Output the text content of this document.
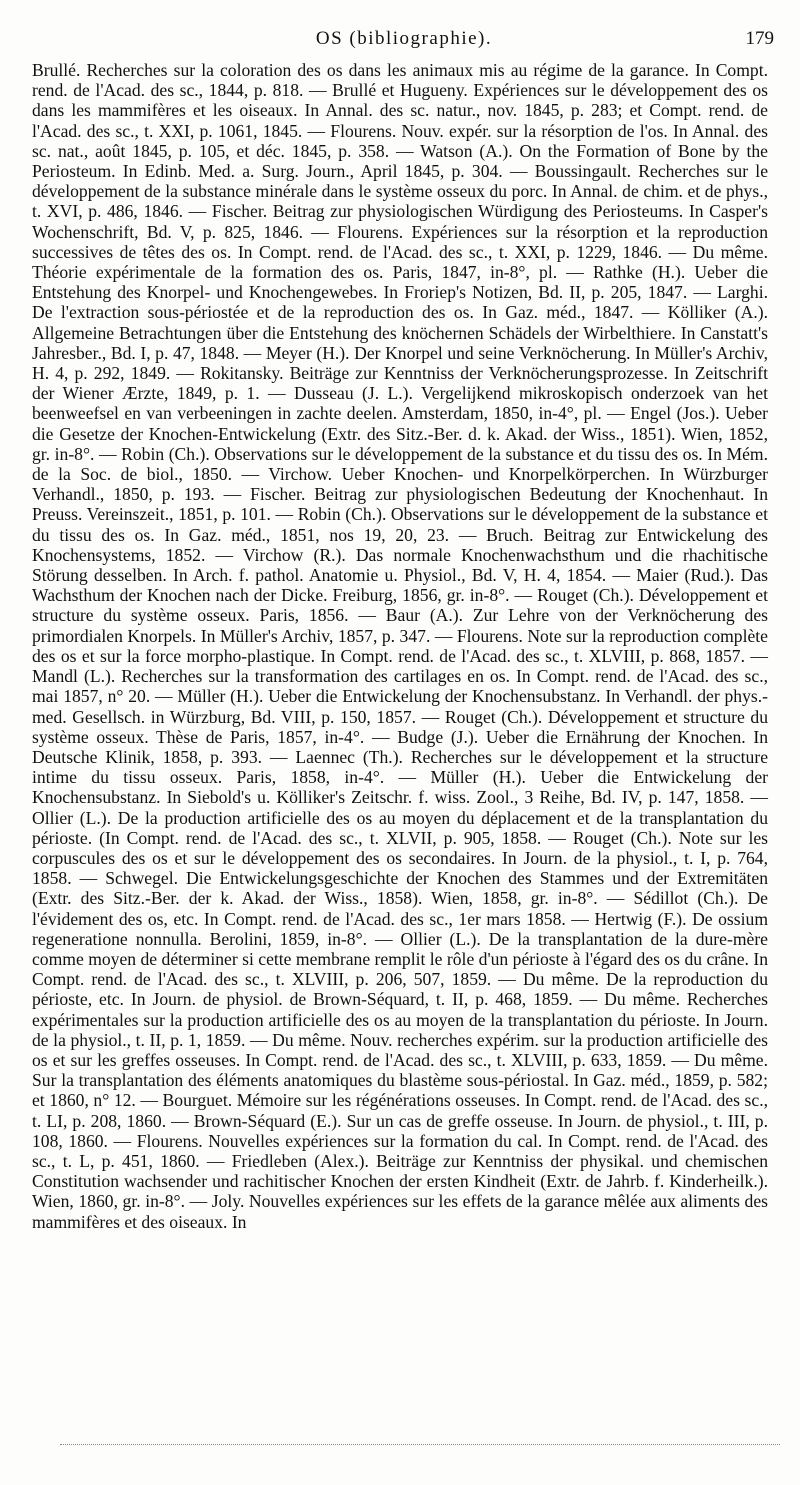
OS (bibliographie).	179

Brullé. Recherches sur la coloration des os dans les animaux mis au régime de la garance. In Compt. rend. de l'Acad. des sc., 1844, p. 818. — Brullé et Hugueny. Expériences sur le développement des os dans les mammifères et les oiseaux. In Annal. des sc. natur., nov. 1845, p. 283; et Compt. rend. de l'Acad. des sc., t. XXI, p. 1061, 1845. — Flourens. Nouv. expér. sur la résorption de l'os. In Annal. des sc. nat., août 1845, p. 105, et déc. 1845, p. 358. — Watson (A.). On the Formation of Bone by the Periosteum. In Edinb. Med. a. Surg. Journ., April 1845, p. 304. — Boussingault. Recherches sur le développement de la substance minérale dans le système osseux du porc. In Annal. de chim. et de phys., t. XVI, p. 486, 1846. — Fischer. Beitrag zur physiologischen Würdigung des Periosteums. In Casper's Wochenschrift, Bd. V, p. 825, 1846. — Flourens. Expériences sur la résorption et la reproduction successives de têtes des os. In Compt. rend. de l'Acad. des sc., t. XXI, p. 1229, 1846. — Du même. Théorie expérimentale de la formation des os. Paris, 1847, in-8°, pl. — Rathke (H.). Ueber die Entstehung des Knorpel- und Knochengewebes. In Froriep's Notizen, Bd. II, p. 205, 1847. — Larghi. De l'extraction sous-périostée et de la reproduction des os. In Gaz. méd., 1847. — Kölliker (A.). Allgemeine Betrachtungen über die Entstehung des knöchernen Schädels der Wirbelthiere. In Canstatt's Jahresber., Bd. I, p. 47, 1848. — Meyer (H.). Der Knorpel und seine Verknöcherung. In Müller's Archiv, H. 4, p. 292, 1849. — Rokitansky. Beiträge zur Kenntniss der Verknöcherungsprozesse. In Zeitschrift der Wiener Ærzte, 1849, p. 1. — Dusseau (J. L.). Vergelijkend mikroskopisch onderzoek van het beenweefsel en van verbeeningen in zachte deelen. Amsterdam, 1850, in-4°, pl. — Engel (Jos.). Ueber die Gesetze der Knochen-Entwickelung (Extr. des Sitz.-Ber. d. k. Akad. der Wiss., 1851). Wien, 1852, gr. in-8°. — Robin (Ch.). Observations sur le développement de la substance et du tissu des os. In Mém. de la Soc. de biol., 1850. — Virchow. Ueber Knochen- und Knorpelkörperchen. In Würzburger Verhandl., 1850, p. 193. — Fischer. Beitrag zur physiologischen Bedeutung der Knochenhaut. In Preuss. Vereinszeit., 1851, p. 101. — Robin (Ch.). Observations sur le développement de la substance et du tissu des os. In Gaz. méd., 1851, nos 19, 20, 23. — Bruch. Beitrag zur Entwickelung des Knochensystems, 1852. — Virchow (R.). Das normale Knochenwachsthum und die rhachitische Störung desselben. In Arch. f. pathol. Anatomie u. Physiol., Bd. V, H. 4, 1854. — Maier (Rud.). Das Wachsthum der Knochen nach der Dicke. Freiburg, 1856, gr. in-8°. — Rouget (Ch.). Développement et structure du système osseux. Paris, 1856. — Baur (A.). Zur Lehre von der Verknöcherung des primordialen Knorpels. In Müller's Archiv, 1857, p. 347. — Flourens. Note sur la reproduction complète des os et sur la force morpho-plastique. In Compt. rend. de l'Acad. des sc., t. XLVIII, p. 868, 1857. — Mandl (L.). Recherches sur la transformation des cartilages en os. In Compt. rend. de l'Acad. des sc., mai 1857, n° 20. — Müller (H.). Ueber die Entwickelung der Knochensubstanz. In Verhandl. der phys.-med. Gesellsch. in Würzburg, Bd. VIII, p. 150, 1857. — Rouget (Ch.). Développement et structure du système osseux. Thèse de Paris, 1857, in-4°. — Budge (J.). Ueber die Ernährung der Knochen. In Deutsche Klinik, 1858, p. 393. — Laennec (Th.). Recherches sur le développement et la structure intime du tissu osseux. Paris, 1858, in-4°. — Müller (H.). Ueber die Entwickelung der Knochensubstanz. In Siebold's u. Kölliker's Zeitschr. f. wiss. Zool., 3 Reihe, Bd. IV, p. 147, 1858. — Ollier (L.). De la production artificielle des os au moyen du déplacement et de la transplantation du périoste. (In Compt. rend. de l'Acad. des sc., t. XLVII, p. 905, 1858. — Rouget (Ch.). Note sur les corpuscules des os et sur le développement des os secondaires. In Journ. de la physiol., t. I, p. 764, 1858. — Schwegel. Die Entwickelungsgeschichte der Knochen des Stammes und der Extremitäten (Extr. des Sitz.-Ber. der k. Akad. der Wiss., 1858). Wien, 1858, gr. in-8°. — Sédillot (Ch.). De l'évidement des os, etc. In Compt. rend. de l'Acad. des sc., 1er mars 1858. — Hertwig (F.). De ossium regeneratione nonnulla. Berolini, 1859, in-8°. — Ollier (L.). De la transplantation de la dure-mère comme moyen de déterminer si cette membrane remplit le rôle d'un périoste à l'égard des os du crâne. In Compt. rend. de l'Acad. des sc., t. XLVIII, p. 206, 507, 1859. — Du même. De la reproduction du périoste, etc. In Journ. de physiol. de Brown-Séquard, t. II, p. 468, 1859. — Du même. Recherches expérimentales sur la production artificielle des os au moyen de la transplantation du périoste. In Journ. de la physiol., t. II, p. 1, 1859. — Du même. Nouv. recherches expérim. sur la production artificielle des os et sur les greffes osseuses. In Compt. rend. de l'Acad. des sc., t. XLVIII, p. 633, 1859. — Du même. Sur la transplantation des éléments anatomiques du blastème sous-périostal. In Gaz. méd., 1859, p. 582; et 1860, n° 12. — Bourguet. Mémoire sur les régénérations osseuses. In Compt. rend. de l'Acad. des sc., t. LI, p. 208, 1860. — Brown-Séquard (E.). Sur un cas de greffe osseuse. In Journ. de physiol., t. III, p. 108, 1860. — Flourens. Nouvelles expériences sur la formation du cal. In Compt. rend. de l'Acad. des sc., t. L, p. 451, 1860. — Friedleben (Alex.). Beiträge zur Kenntniss der physikal. und chemischen Constitution wachsender und rachitischer Knochen der ersten Kindheit (Extr. de Jahrb. f. Kinderheilk.). Wien, 1860, gr. in-8°. — Joly. Nouvelles expériences sur les effets de la garance mêlée aux aliments des mammifères et des oiseaux. In
